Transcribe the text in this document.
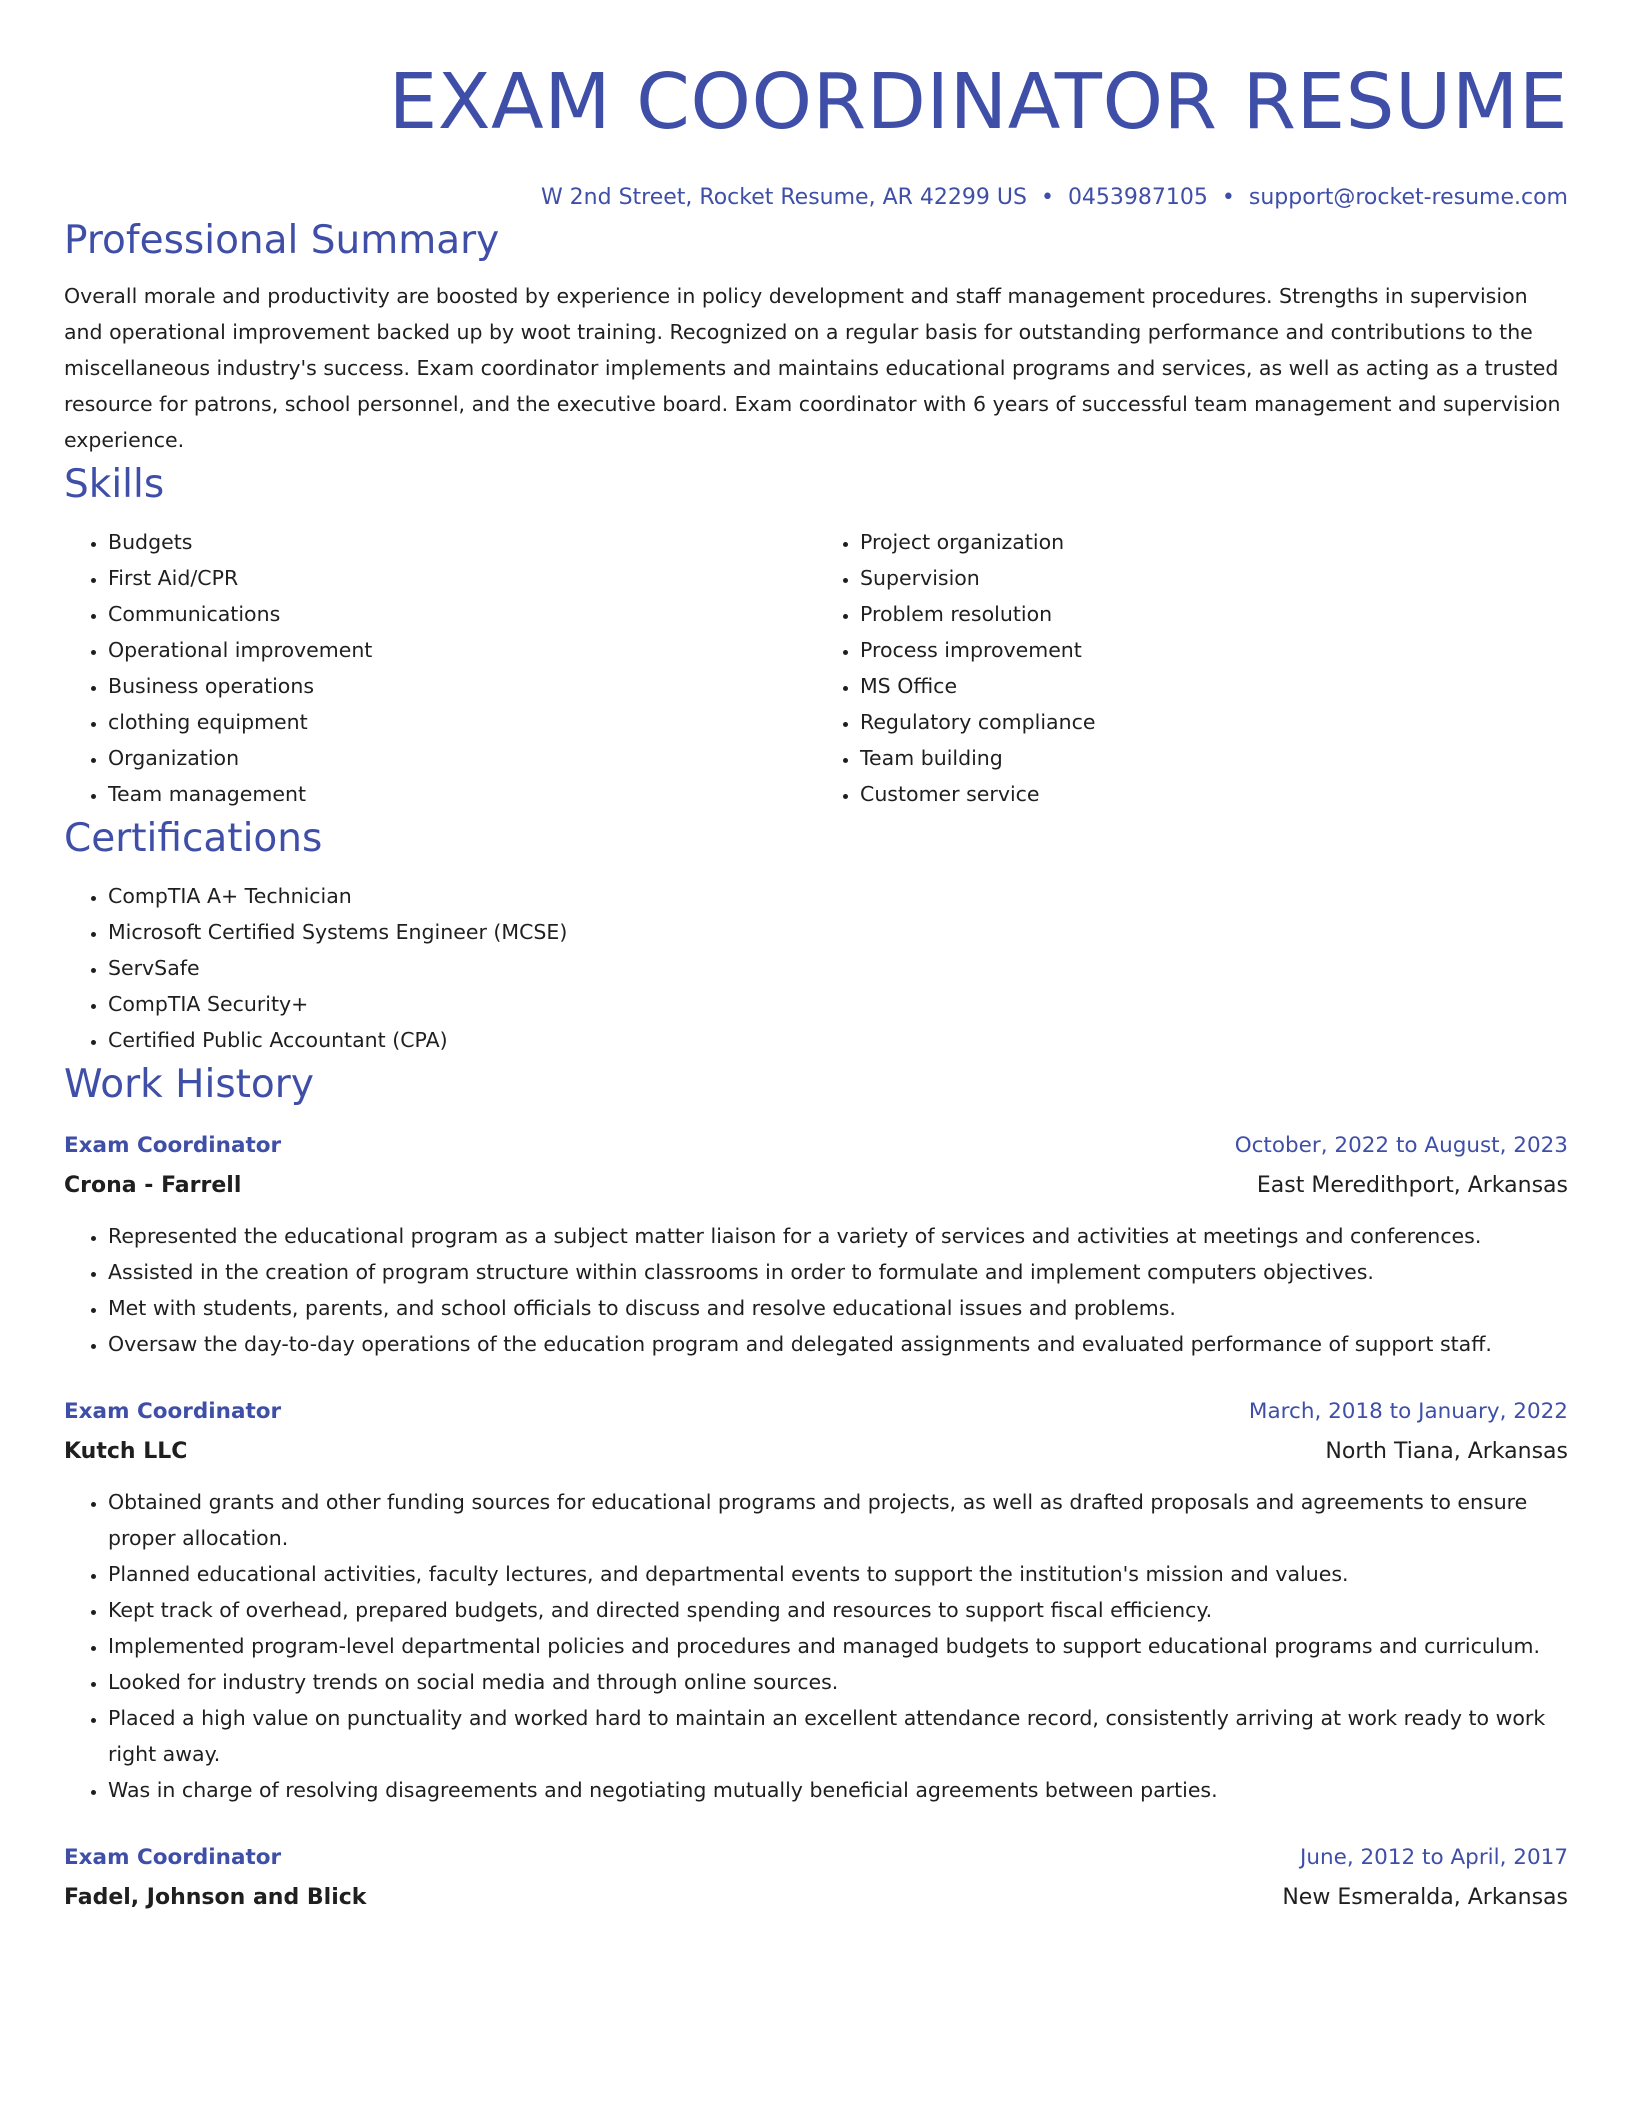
EXAM COORDINATOR RESUME
W 2nd Street, Rocket Resume, AR 42299 US • 0453987105 • support@rocket-resume.com
Professional Summary

Overall morale and productivity are boosted by experience in policy development and staff management procedures. Strengths in supervision and operational improvement backed up by woot training. Recognized on a regular basis for outstanding performance and contributions to the miscellaneous industry's success. Exam coordinator implements and maintains educational programs and services, as well as acting as a trusted resource for patrons, school personnel, and the executive board. Exam coordinator with 6 years of successful team management and supervision experience.

Skills
• Budgets
• First Aid/CPR
• Communications
• Operational improvement
• Business operations
• clothing equipment
• Organization
• Team management
• Project organization
• Supervision
• Problem resolution
• Process improvement
• MS Office
• Regulatory compliance
• Team building
• Customer service
Certifications
• CompTIA A+ Technician
• Microsoft Certified Systems Engineer (MCSE)
• ServSafe
• CompTIA Security+
• Certified Public Accountant (CPA)
Work History
Exam Coordinator	October, 2022 to August, 2023
Crona - Farrell	East Meredithport, Arkansas
• Represented the educational program as a subject matter liaison for a variety of services and activities at meetings and conferences.
• Assisted in the creation of program structure within classrooms in order to formulate and implement computers objectives.
• Met with students, parents, and school officials to discuss and resolve educational issues and problems.
• Oversaw the day-to-day operations of the education program and delegated assignments and evaluated performance of support staff.
Exam Coordinator	March, 2018 to January, 2022
Kutch LLC	North Tiana, Arkansas
• Obtained grants and other funding sources for educational programs and projects, as well as drafted proposals and agreements to ensure proper allocation.
• Planned educational activities, faculty lectures, and departmental events to support the institution's mission and values.
• Kept track of overhead, prepared budgets, and directed spending and resources to support fiscal efficiency.
• Implemented program-level departmental policies and procedures and managed budgets to support educational programs and curriculum.
• Looked for industry trends on social media and through online sources.
• Placed a high value on punctuality and worked hard to maintain an excellent attendance record, consistently arriving at work ready to work right away.
• Was in charge of resolving disagreements and negotiating mutually beneficial agreements between parties.
Exam Coordinator	June, 2012 to April, 2017
Fadel, Johnson and Blick	New Esmeralda, Arkansas
